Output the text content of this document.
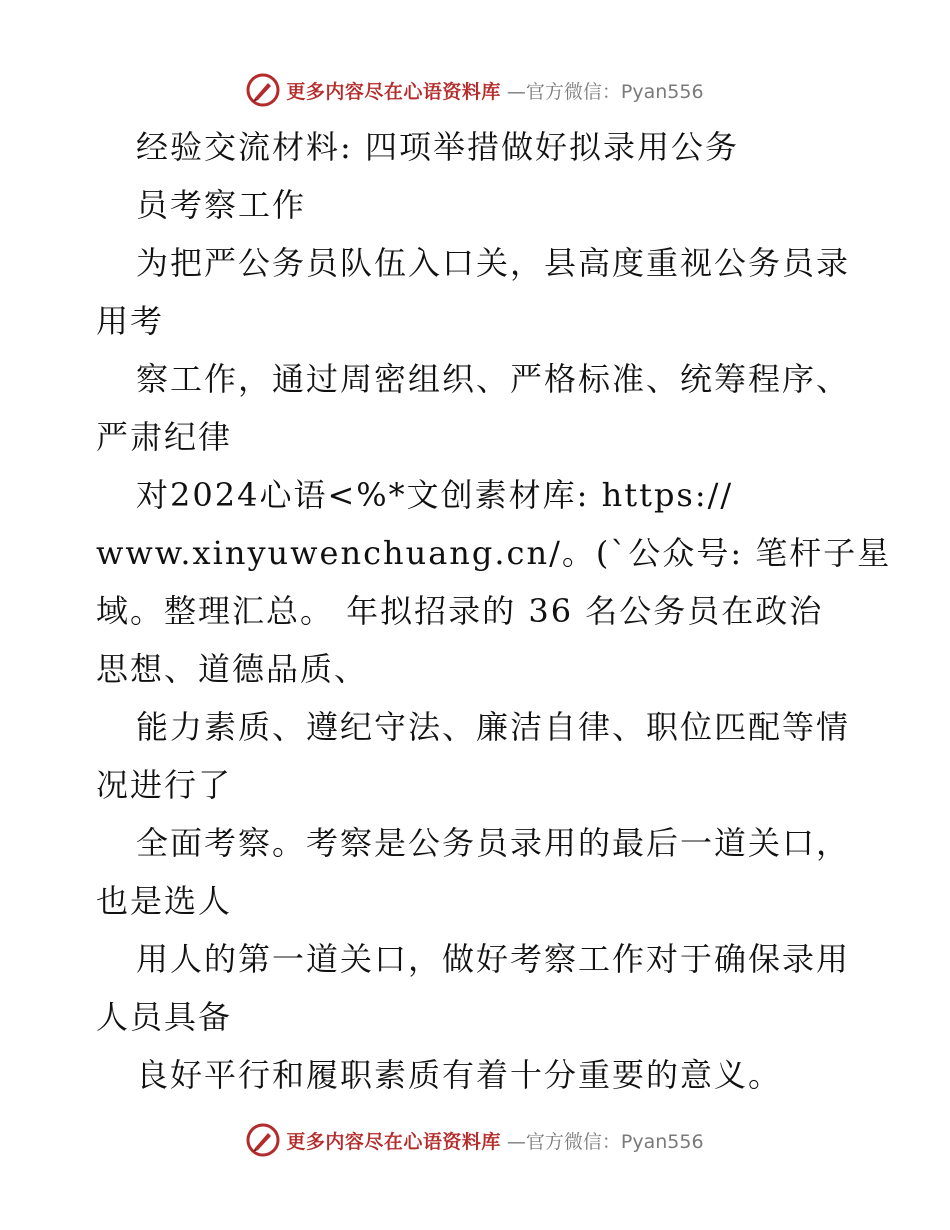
更多内容尽在心语资料库 —官方微信：Pyan556
经验交流材料: 四项举措做好拟录用公务
员考察工作
为把严公务员队伍入口关，县高度重视公务员录
用考
察工作，通过周密组织、严格标准、统筹程序、
严肃纪律
对2024心语<%*文创素材库: https://
www.xinyuwenchuang.cn/。(`公众号: 笔杆子星
域。整理汇总。 年拟招录的 36 名公务员在政治
思想、道德品质、
能力素质、遵纪守法、廉洁自律、职位匹配等情
况进行了
全面考察。考察是公务员录用的最后一道关口，
也是选人
用人的第一道关口，做好考察工作对于确保录用
人员具备
良好平行和履职素质有着十分重要的意义。
更多内容尽在心语资料库 —官方微信：Pyan556
